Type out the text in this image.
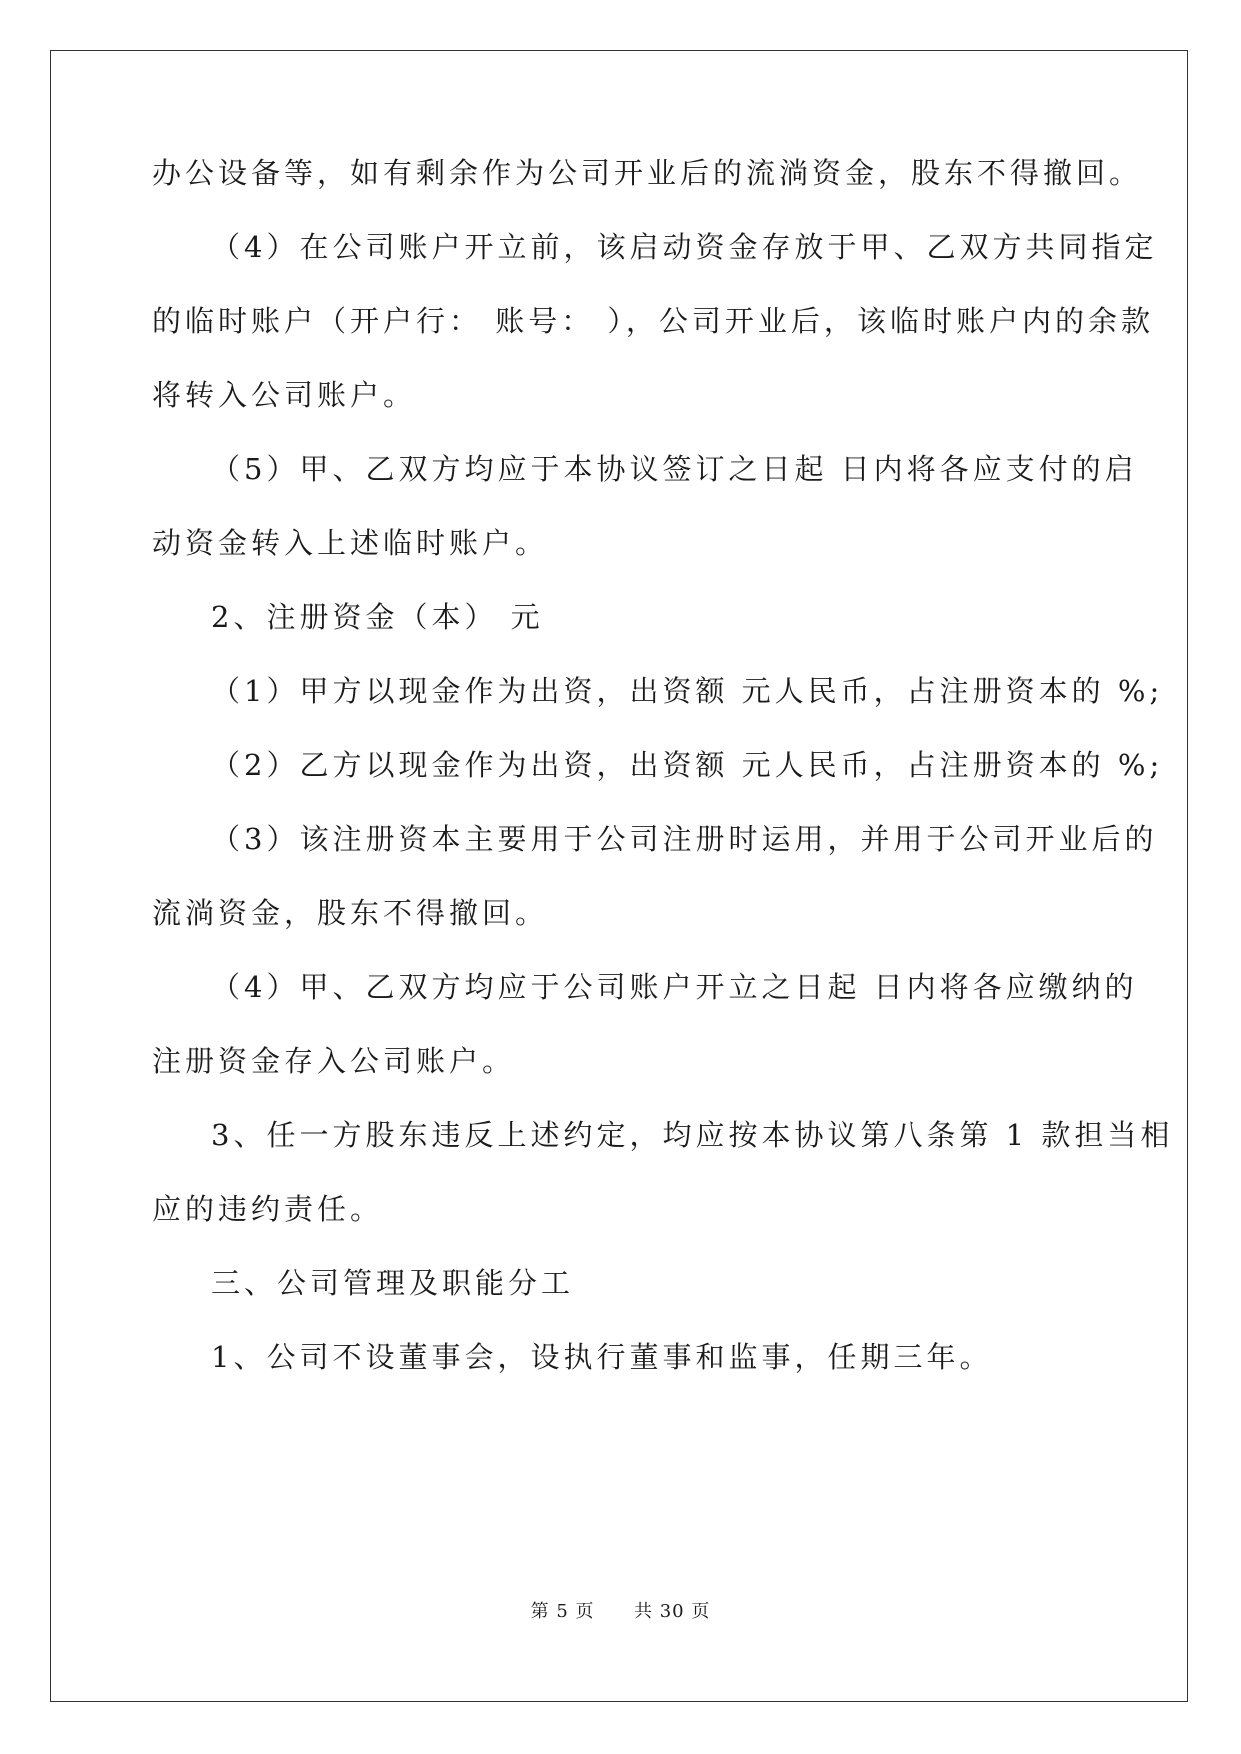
办公设备等，如有剩余作为公司开业后的流淌资金，股东不得撤回。
（4）在公司账户开立前，该启动资金存放于甲、乙双方共同指定
的临时账户（开户行： 账号： ），公司开业后，该临时账户内的余款
将转入公司账户。
（5）甲、乙双方均应于本协议签订之日起 日内将各应支付的启
动资金转入上述临时账户。
2、注册资金（本） 元
（1）甲方以现金作为出资，出资额 元人民币，占注册资本的 %;
（2）乙方以现金作为出资，出资额 元人民币，占注册资本的 %;
（3）该注册资本主要用于公司注册时运用，并用于公司开业后的
流淌资金，股东不得撤回。
（4）甲、乙双方均应于公司账户开立之日起 日内将各应缴纳的
注册资金存入公司账户。
3、任一方股东违反上述约定，均应按本协议第八条第 1 款担当相
应的违约责任。
三、公司管理及职能分工
1、公司不设董事会，设执行董事和监事，任期三年。
第 5 页 共 30 页
